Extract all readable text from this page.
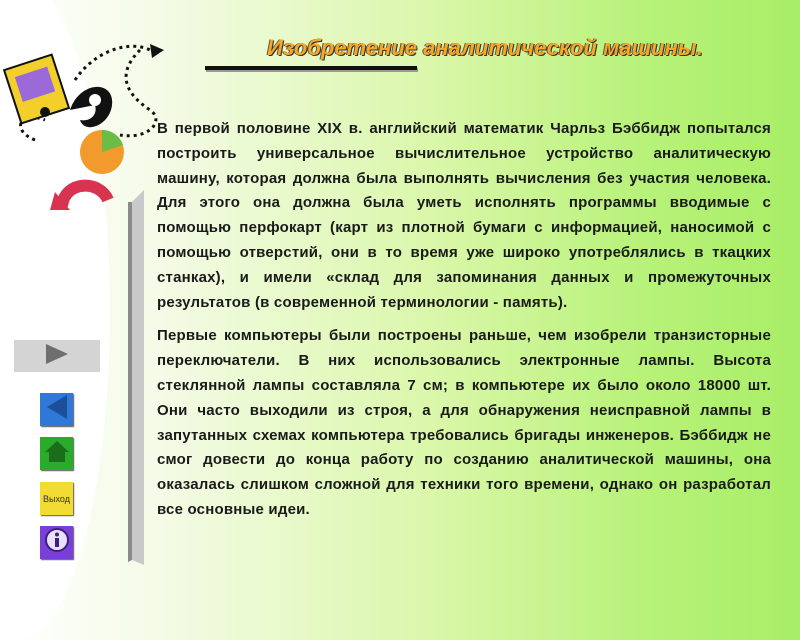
Изобретение аналитической машины.

В первой половине XIX в. английский математик Чарльз Бэббидж попытался построить универсальное вычислительное устройство аналитическую машину, которая должна была выполнять вычисления без участия человека. Для этого она должна была уметь исполнять программы вводимые с помощью перфокарт (карт из плотной бумаги с информацией, наносимой с помощью отверстий, они в то время уже широко употреблялись в ткацких станках), и имели «склад для запоминания данных и промежуточных результатов (в современной терминологии - память).

Первые компьютеры были построены раньше, чем изобрели транзисторные переключатели. В них использовались электронные лампы. Высота стеклянной лампы составляла 7 см; в компьютере их было около 18000 шт. Они часто выходили из строя, а для обнаружения неисправной лампы в запутанных схемах компьютера требовались бригады инженеров. Бэббидж не смог довести до конца работу по созданию аналитической машины, она оказалась слишком сложной для техники того времени, однако он разработал все основные идеи.

Выход
